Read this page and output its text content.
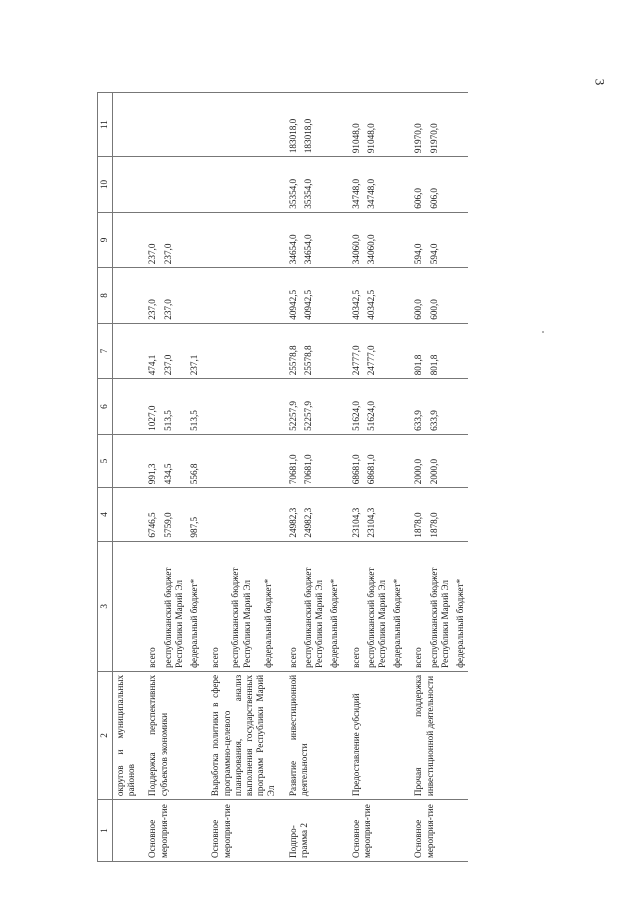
3
1	2	3	4	5	6	7	8	9	10	11
	округов и муниципальных районов									
Основное мероприя-тие	Поддержка перспективных субъектов экономики	всего	6746,5	991,3	1027,0	474,1	237,0	237,0		
		республиканский бюджет Республики Марий Эл	5759,0	434,5	513,5	237,0	237,0	237,0		
		федеральный бюджет*	987,5	556,8	513,5	237,1				
Основное мероприя-тие	Выработка политики в сфере программно-целевого планирования, анализ выполнения государственных программ Республики Марий Эл	всего								
		республиканский бюджет Республики Марий Эл								
		федеральный бюджет*								
Подпро-грамма 2	Развитие инвестиционной деятельности	всего	24982,3	70681,0	52257,9	25578,8	40942,5	34654,0	35354,0	183018,0
		республиканский бюджет Республики Марий Эл	24982,3	70681,0	52257,9	25578,8	40942,5	34654,0	35354,0	183018,0
		федеральный бюджет*								
Основное мероприя-тие	Предоставление субсидий	всего	23104,3	68681,0	51624,0	24777,0	40342,5	34060,0	34748,0	91048,0
		республиканский бюджет Республики Марий Эл	23104,3	68681,0	51624,0	24777,0	40342,5	34060,0	34748,0	91048,0
		федеральный бюджет*								
Основное мероприя-тие	Прочая поддержка инвестиционной деятельности	всего	1878,0	2000,0	633,9	801,8	600,0	594,0	606,0	91970,0
		республиканский бюджет Республики Марий Эл	1878,0	2000,0	633,9	801,8	600,0	594,0	606,0	91970,0
		федеральный бюджет*								
